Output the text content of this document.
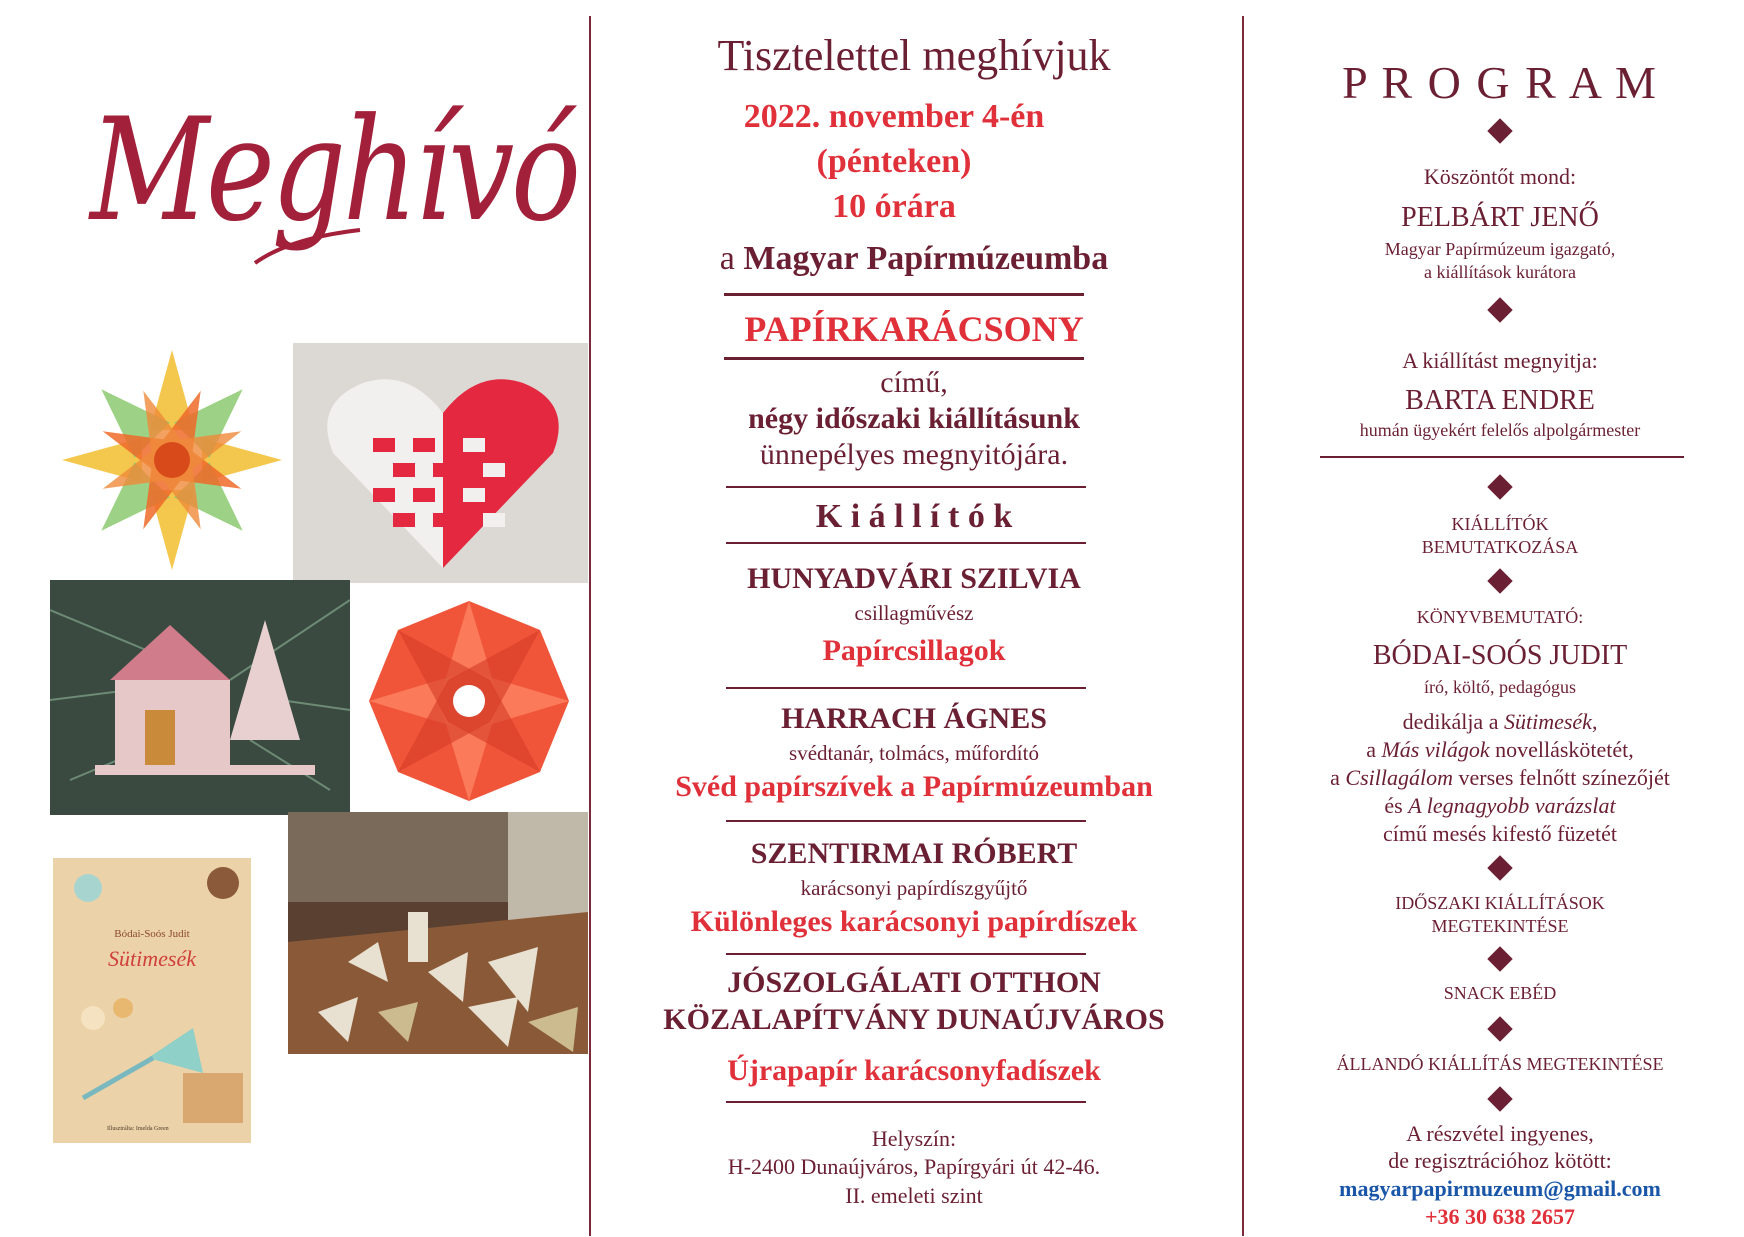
Meghívó
Bódai-Soós Judit
Sütimesék
Illusztrálta: Imelda Green
Tisztelettel meghívjuk
2022. november 4-én
(pénteken)
10 órára
a Magyar Papírmúzeumba
PAPÍRKARÁCSONY
című,
négy időszaki kiállításunk
ünnepélyes megnyitójára.
K i á l l í t ó k
HUNYADVÁRI SZILVIA
csillagművész
Papírcsillagok
HARRACH ÁGNES
svédtanár, tolmács, műfordító
Svéd papírszívek a Papírmúzeumban
SZENTIRMAI RÓBERT
karácsonyi papírdíszgyűjtő
Különleges karácsonyi papírdíszek
JÓSZOLGÁLATI OTTHON
KÖZALAPÍTVÁNY DUNAÚJVÁROS
Újrapapír karácsonyfadíszek
Helyszín:
H-2400 Dunaújváros, Papírgyári út 42-46.
II. emeleti szint
P R O G R A M
Köszöntőt mond:
PELBÁRT JENŐ
Magyar Papírmúzeum igazgató,
a kiállítások kurátora
A kiállítást megnyitja:
BARTA ENDRE
humán ügyekért felelős alpolgármester
KIÁLLÍTÓK
BEMUTATKOZÁSA
KÖNYVBEMUTATÓ:
BÓDAI-SOÓS JUDIT
író, költő, pedagógus
dedikálja a Sütimesék,
a Más világok novelláskötetét,
a Csillagálom verses felnőtt színezőjét
és A legnagyobb varázslat
című mesés kifestő füzetét
IDŐSZAKI KIÁLLÍTÁSOK
MEGTEKINTÉSE
SNACK EBÉD
ÁLLANDÓ KIÁLLÍTÁS MEGTEKINTÉSE
A részvétel ingyenes,
de regisztrációhoz kötött:
magyarpapirmuzeum@gmail.com
+36 30 638 2657
